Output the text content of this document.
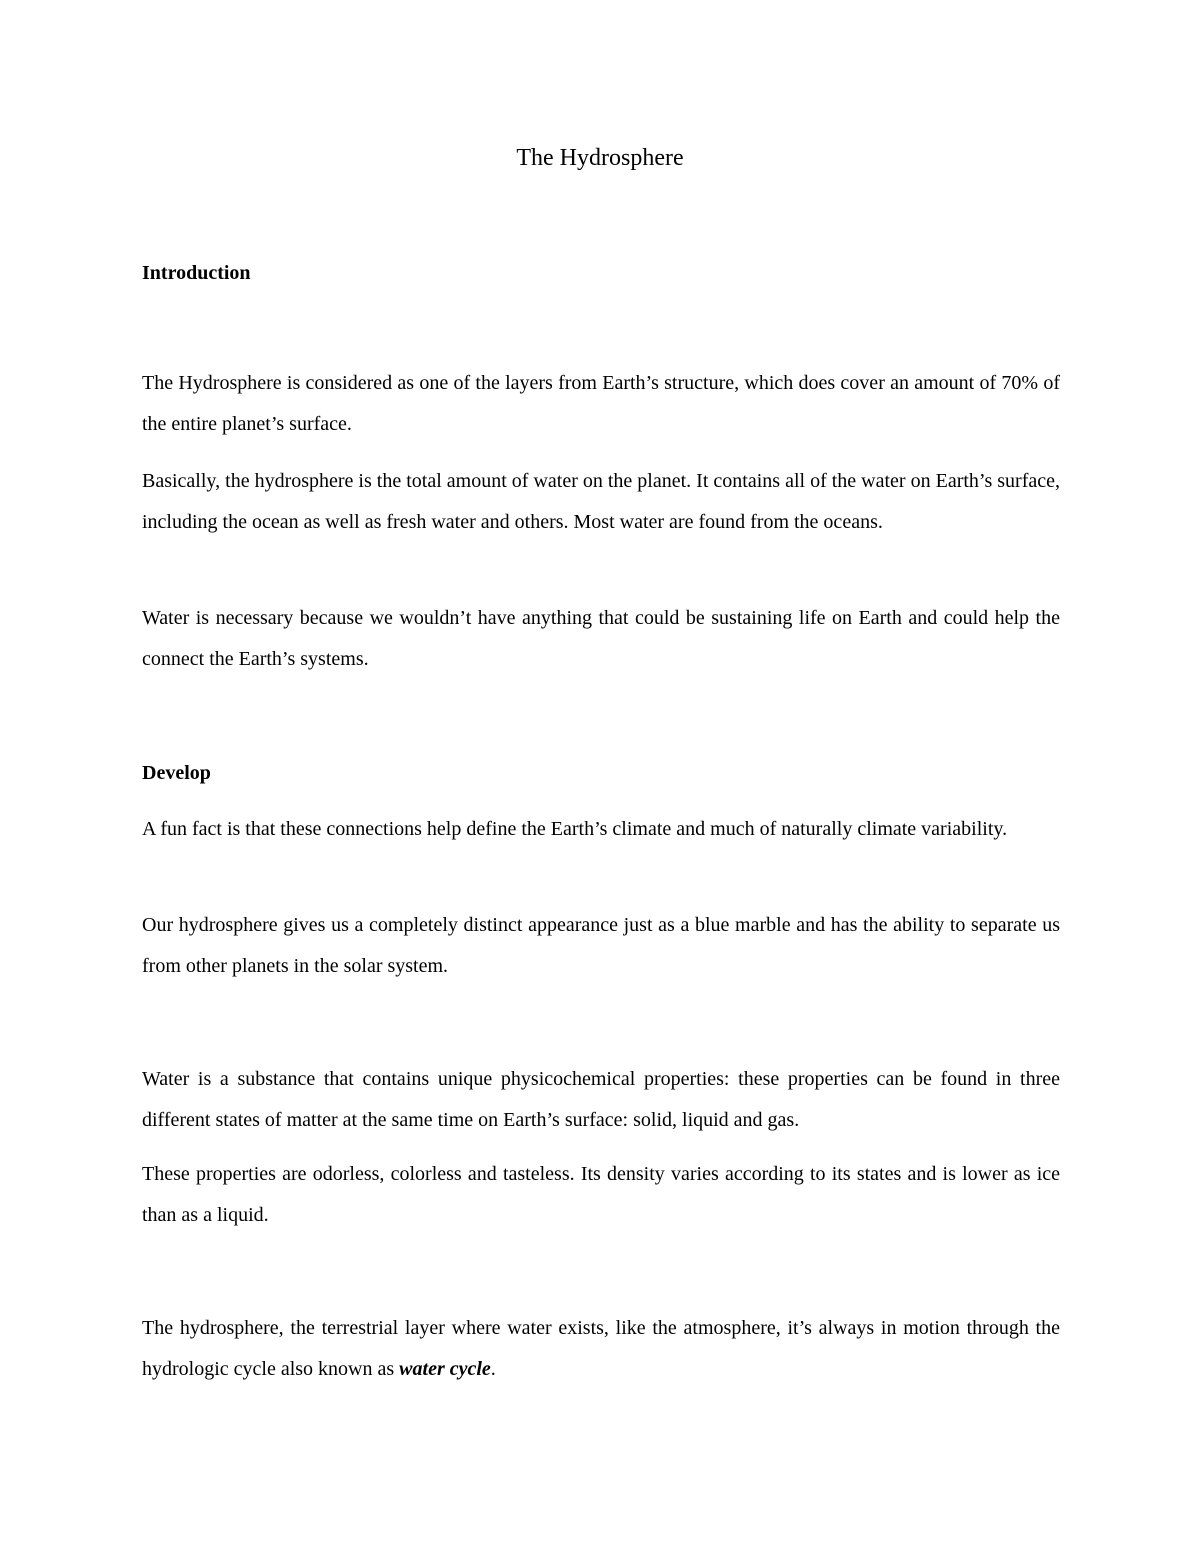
The Hydrosphere
Introduction

The Hydrosphere is considered as one of the layers from Earth’s structure, which does cover an amount of 70% of the entire planet’s surface.

Basically, the hydrosphere is the total amount of water on the planet. It contains all of the water on Earth’s surface, including the ocean as well as fresh water and others. Most water are found from the oceans.

Water is necessary because we wouldn’t have anything that could be sustaining life on Earth and could help the connect the Earth’s systems.

Develop

A fun fact is that these connections help define the Earth’s climate and much of naturally climate variability.

Our hydrosphere gives us a completely distinct appearance just as a blue marble and has the ability to separate us from other planets in the solar system.

Water is a substance that contains unique physicochemical properties: these properties can be found in three different states of matter at the same time on Earth’s surface: solid, liquid and gas.

These properties are odorless, colorless and tasteless. Its density varies according to its states and is lower as ice than as a liquid.

The hydrosphere, the terrestrial layer where water exists, like the atmosphere, it’s always in motion through the hydrologic cycle also known as water cycle.
